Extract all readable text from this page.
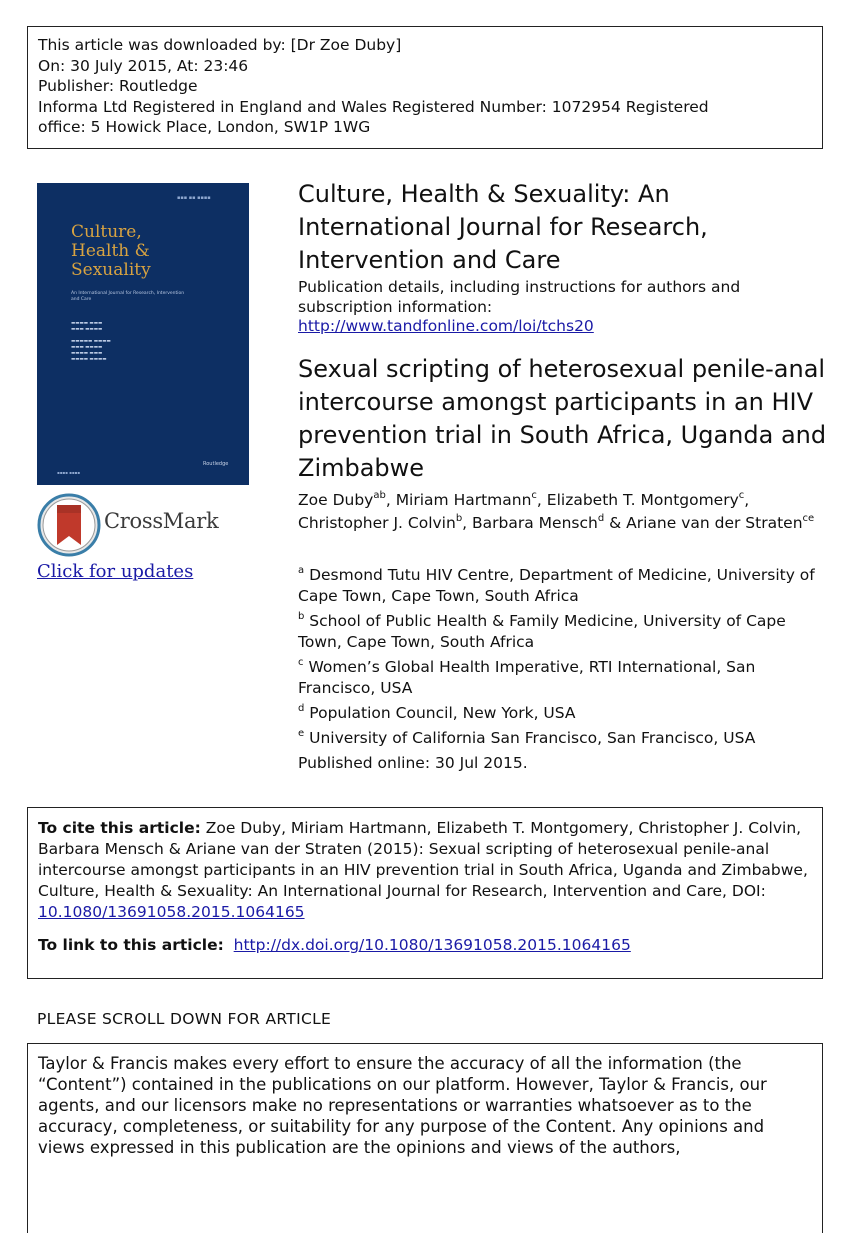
This article was downloaded by: [Dr Zoe Duby]
On: 30 July 2015, At: 23:46
Publisher: Routledge
Informa Ltd Registered in England and Wales Registered Number: 1072954 Registered
office: 5 Howick Place, London, SW1P 1WG
▪▪▪ ▪▪ ▪▪▪▪
Culture,
Health &
Sexuality
An International Journal for Research, Intervention and Care
▬▬▬▬ ▬▬▬
▬▬▬ ▬▬▬▬

▬▬▬▬▬ ▬▬▬▬
▬▬▬ ▬▬▬▬
▬▬▬▬ ▬▬▬
▬▬▬▬ ▬▬▬▬
Routledge
▪▪▪▪ ▪▪▪▪
CrossMark
Click for updates
Culture, Health & Sexuality: An International Journal for Research, Intervention and Care
Publication details, including instructions for authors and subscription information:
http://www.tandfonline.com/loi/tchs20
Sexual scripting of heterosexual penile-anal intercourse amongst participants in an HIV prevention trial in South Africa, Uganda and Zimbabwe
Zoe Duby$^{ab}$, Miriam Hartmann$^c$, Elizabeth T. Montgomery$^c$, Christopher J. Colvin$^b$, Barbara Mensch$^d$ & Ariane van der Straten$^{ce}$
$^a$ Desmond Tutu HIV Centre, Department of Medicine, University of Cape Town, Cape Town, South Africa
$^b$ School of Public Health & Family Medicine, University of Cape Town, Cape Town, South Africa
$^c$ Women’s Global Health Imperative, RTI International, San Francisco, USA
$^d$ Population Council, New York, USA
$^e$ University of California San Francisco, San Francisco, USA
Published online: 30 Jul 2015.
To cite this article: Zoe Duby, Miriam Hartmann, Elizabeth T. Montgomery, Christopher J. Colvin, Barbara Mensch & Ariane van der Straten (2015): Sexual scripting of heterosexual penile-anal intercourse amongst participants in an HIV prevention trial in South Africa, Uganda and Zimbabwe, Culture, Health & Sexuality: An International Journal for Research, Intervention and Care, DOI:
10.1080/13691058.2015.1064165
To link to this article: http://dx.doi.org/10.1080/13691058.2015.1064165
PLEASE SCROLL DOWN FOR ARTICLE
Taylor & Francis makes every effort to ensure the accuracy of all the information (the “Content”) contained in the publications on our platform. However, Taylor & Francis, our agents, and our licensors make no representations or warranties whatsoever as to the accuracy, completeness, or suitability for any purpose of the Content. Any opinions and views expressed in this publication are the opinions and views of the authors,
